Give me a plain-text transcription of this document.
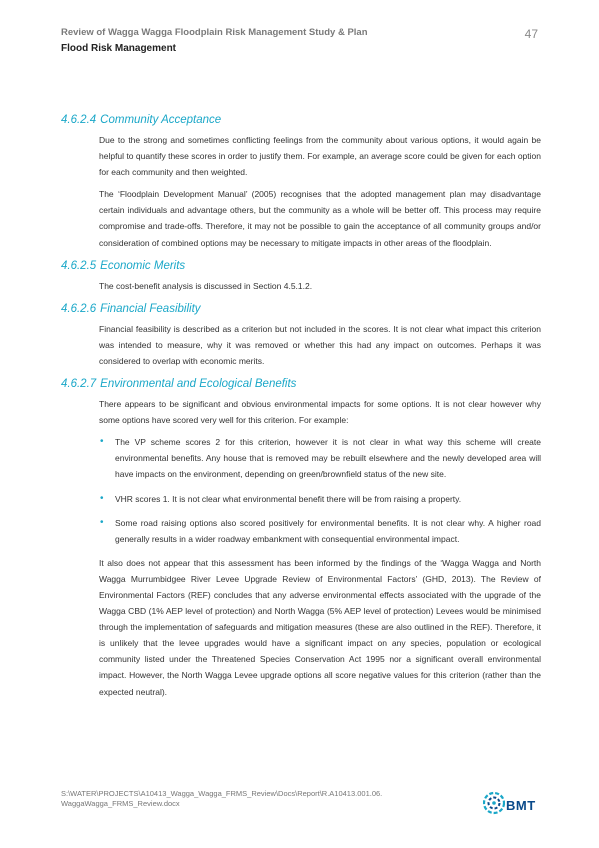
Review of Wagga Wagga Floodplain Risk Management Study & Plan
Flood Risk Management
47
4.6.2.4 Community Acceptance

Due to the strong and sometimes conflicting feelings from the community about various options, it would again be helpful to quantify these scores in order to justify them. For example, an average score could be given for each option for each community and then weighted.

The ‘Floodplain Development Manual’ (2005) recognises that the adopted management plan may disadvantage certain individuals and advantage others, but the community as a whole will be better off. This process may require compromise and trade-offs. Therefore, it may not be possible to gain the acceptance of all community groups and/or consideration of combined options may be necessary to mitigate impacts in other areas of the floodplain.

4.6.2.5 Economic Merits

The cost-benefit analysis is discussed in Section 4.5.1.2.

4.6.2.6 Financial Feasibility

Financial feasibility is described as a criterion but not included in the scores. It is not clear what impact this criterion was intended to measure, why it was removed or whether this had any impact on outcomes. Perhaps it was considered to overlap with economic merits.

4.6.2.7 Environmental and Ecological Benefits

There appears to be significant and obvious environmental impacts for some options. It is not clear however why some options have scored very well for this criterion. For example:

• The VP scheme scores 2 for this criterion, however it is not clear in what way this scheme will create environmental benefits. Any house that is removed may be rebuilt elsewhere and the newly developed area will have impacts on the environment, depending on green/brownfield status of the new site.
• VHR scores 1. It is not clear what environmental benefit there will be from raising a property.
• Some road raising options also scored positively for environmental benefits. It is not clear why. A higher road generally results in a wider roadway embankment with consequential environmental impact.

It also does not appear that this assessment has been informed by the findings of the ‘Wagga Wagga and North Wagga Murrumbidgee River Levee Upgrade Review of Environmental Factors’ (GHD, 2013). The Review of Environmental Factors (REF) concludes that any adverse environmental effects associated with the upgrade of the Wagga CBD (1% AEP level of protection) and North Wagga (5% AEP level of protection) Levees would be minimised through the implementation of safeguards and mitigation measures (these are also outlined in the REF). Therefore, it is unlikely that the levee upgrades would have a significant impact on any species, population or ecological community listed under the Threatened Species Conservation Act 1995 nor a significant overall environmental impact. However, the North Wagga Levee upgrade options all score negative values for this criterion (rather than the expected neutral).

S:\WATER\PROJECTS\A10413_Wagga_Wagga_FRMS_Review\Docs\Report\R.A10413.001.06.
WaggaWagga_FRMS_Review.docx	BMT
